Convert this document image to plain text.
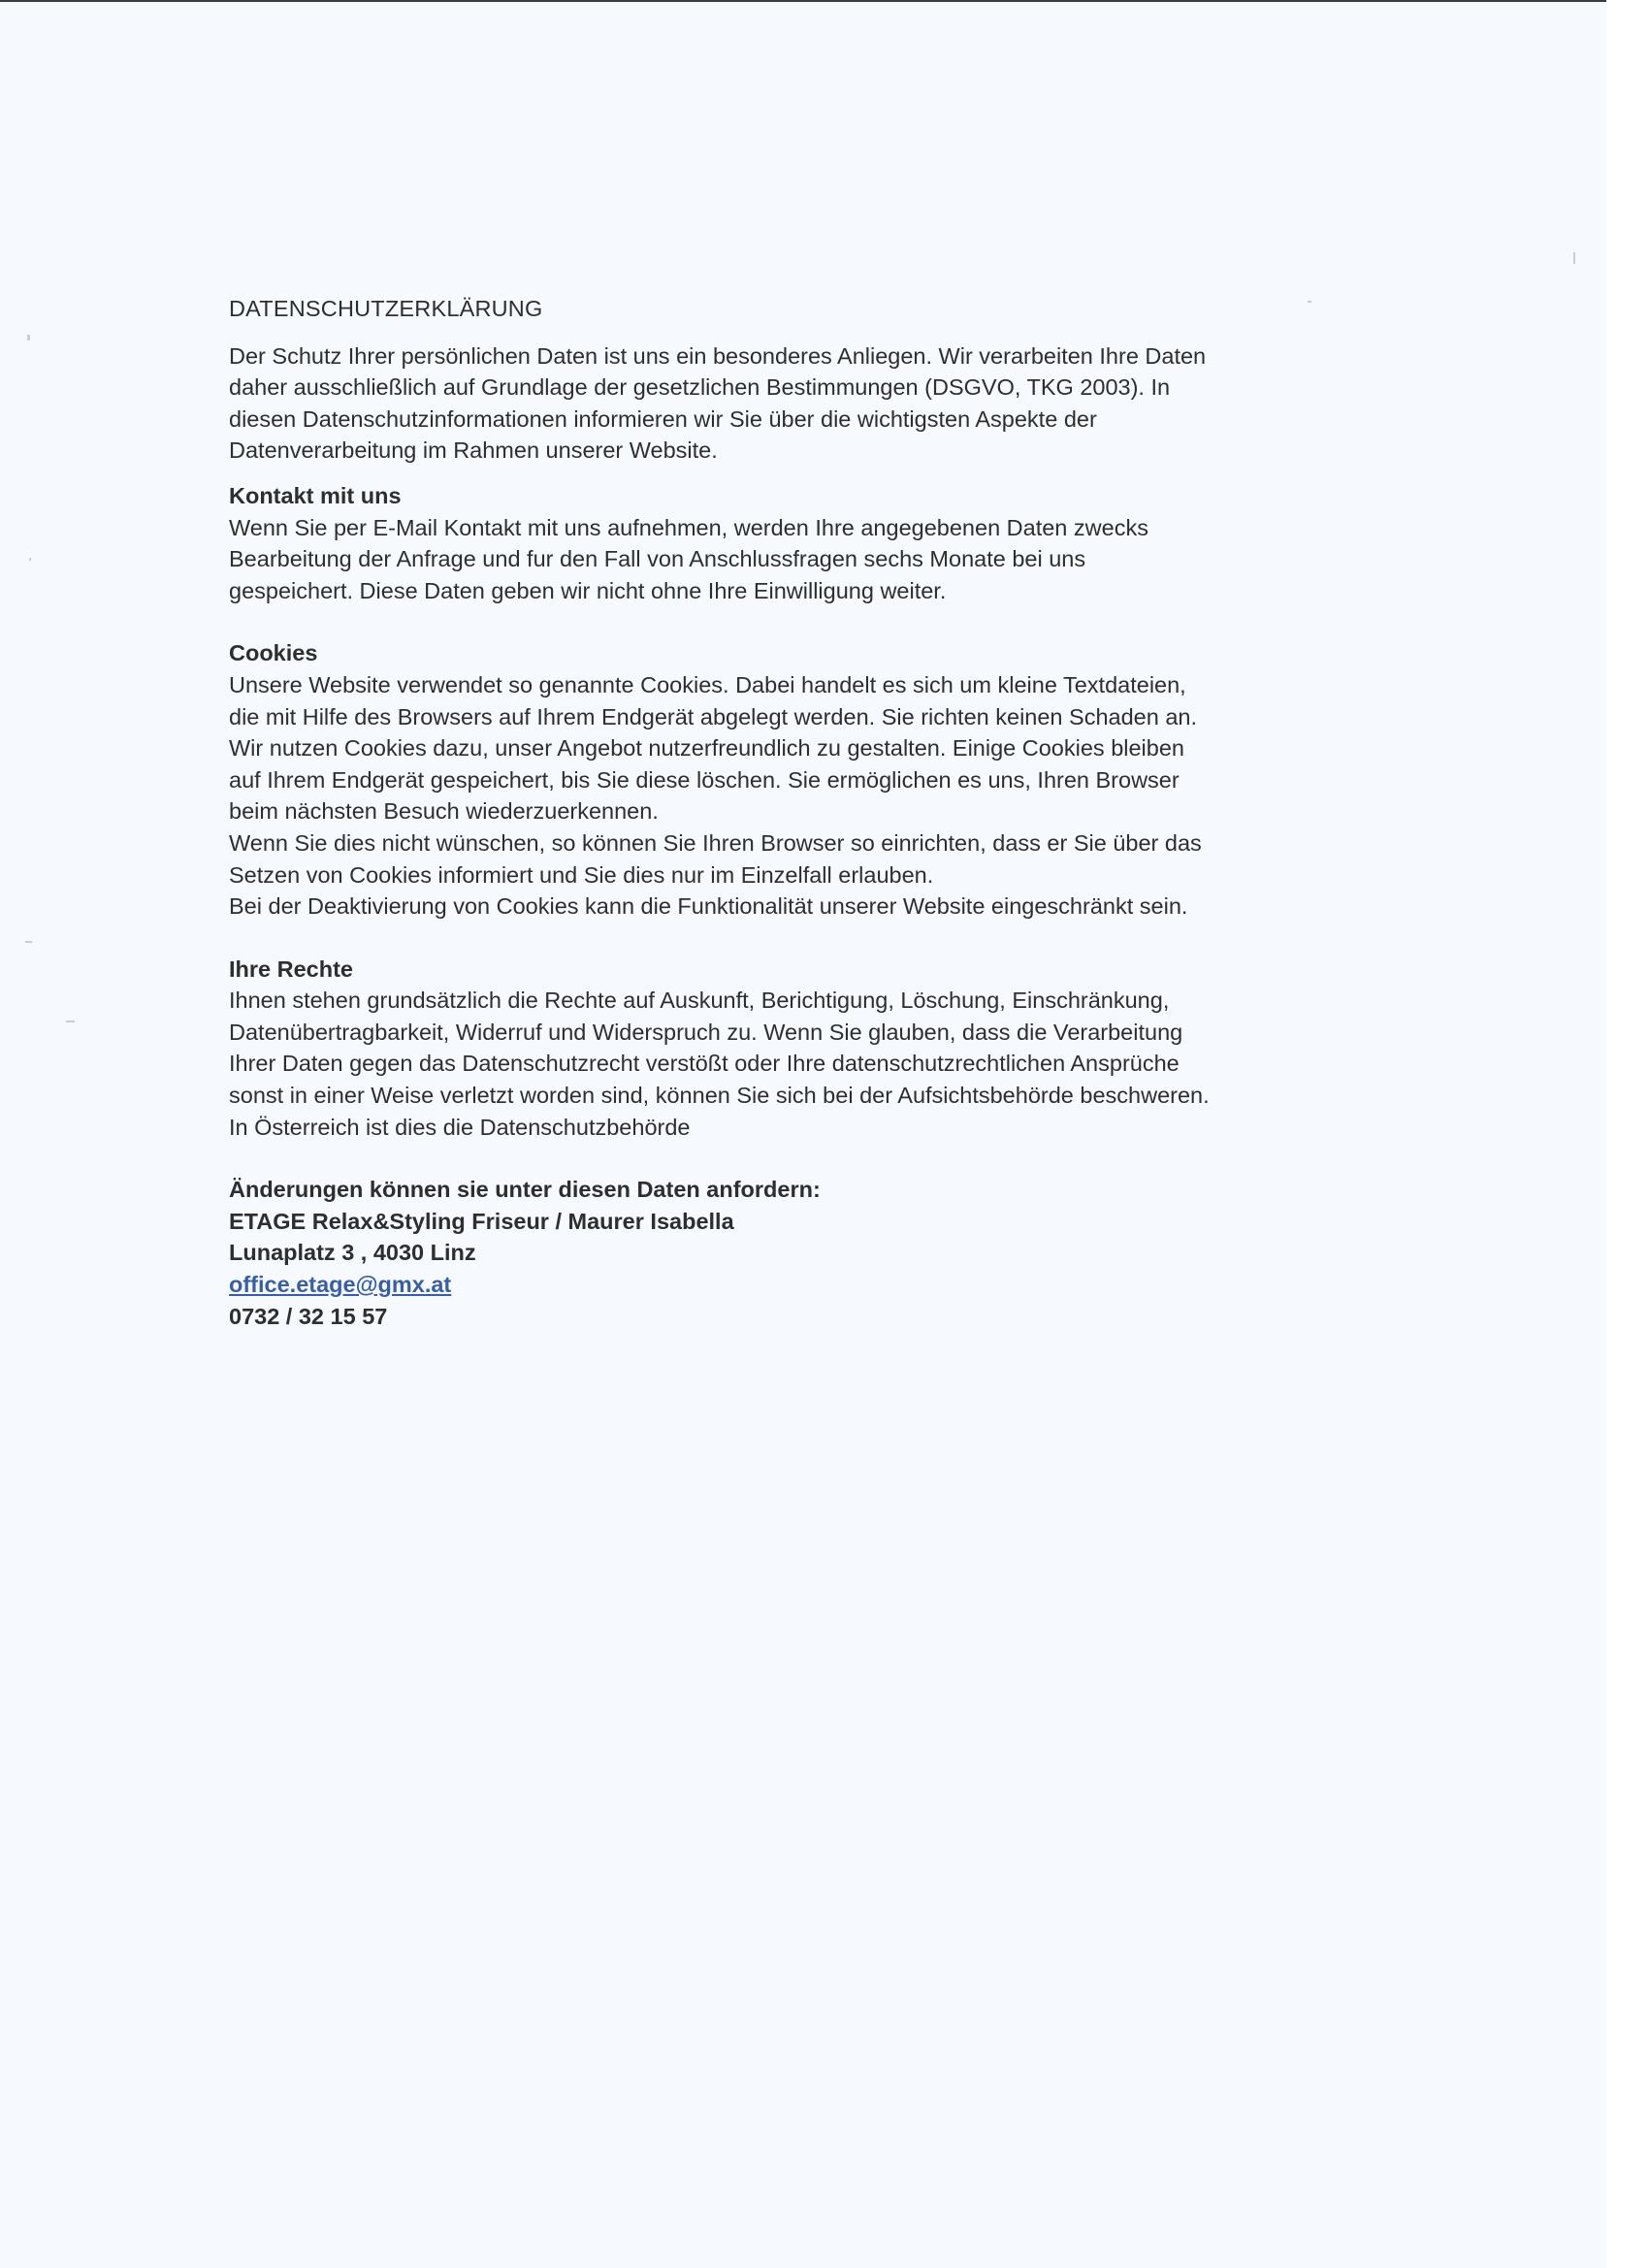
DATENSCHUTZERKLÄRUNG

Der Schutz Ihrer persönlichen Daten ist uns ein besonderes Anliegen. Wir verarbeiten Ihre Daten

daher ausschließlich auf Grundlage der gesetzlichen Bestimmungen (DSGVO, TKG 2003). In

diesen Datenschutzinformationen informieren wir Sie über die wichtigsten Aspekte der

Datenverarbeitung im Rahmen unserer Website.

Kontakt mit uns

Wenn Sie per E-Mail Kontakt mit uns aufnehmen, werden Ihre angegebenen Daten zwecks

Bearbeitung der Anfrage und fur den Fall von Anschlussfragen sechs Monate bei uns

gespeichert. Diese Daten geben wir nicht ohne Ihre Einwilligung weiter.

Cookies

Unsere Website verwendet so genannte Cookies. Dabei handelt es sich um kleine Textdateien,

die mit Hilfe des Browsers auf Ihrem Endgerät abgelegt werden. Sie richten keinen Schaden an.

Wir nutzen Cookies dazu, unser Angebot nutzerfreundlich zu gestalten. Einige Cookies bleiben

auf Ihrem Endgerät gespeichert, bis Sie diese löschen. Sie ermöglichen es uns, Ihren Browser

beim nächsten Besuch wiederzuerkennen.

Wenn Sie dies nicht wünschen, so können Sie Ihren Browser so einrichten, dass er Sie über das

Setzen von Cookies informiert und Sie dies nur im Einzelfall erlauben.

Bei der Deaktivierung von Cookies kann die Funktionalität unserer Website eingeschränkt sein.

Ihre Rechte

Ihnen stehen grundsätzlich die Rechte auf Auskunft, Berichtigung, Löschung, Einschränkung,

Datenübertragbarkeit, Widerruf und Widerspruch zu. Wenn Sie glauben, dass die Verarbeitung

Ihrer Daten gegen das Datenschutzrecht verstößt oder Ihre datenschutzrechtlichen Ansprüche

sonst in einer Weise verletzt worden sind, können Sie sich bei der Aufsichtsbehörde beschweren.

In Österreich ist dies die Datenschutzbehörde

Änderungen können sie unter diesen Daten anfordern:

ETAGE Relax&Styling Friseur / Maurer Isabella

Lunaplatz 3 , 4030 Linz

office.etage@gmx.at

0732 / 32 15 57
